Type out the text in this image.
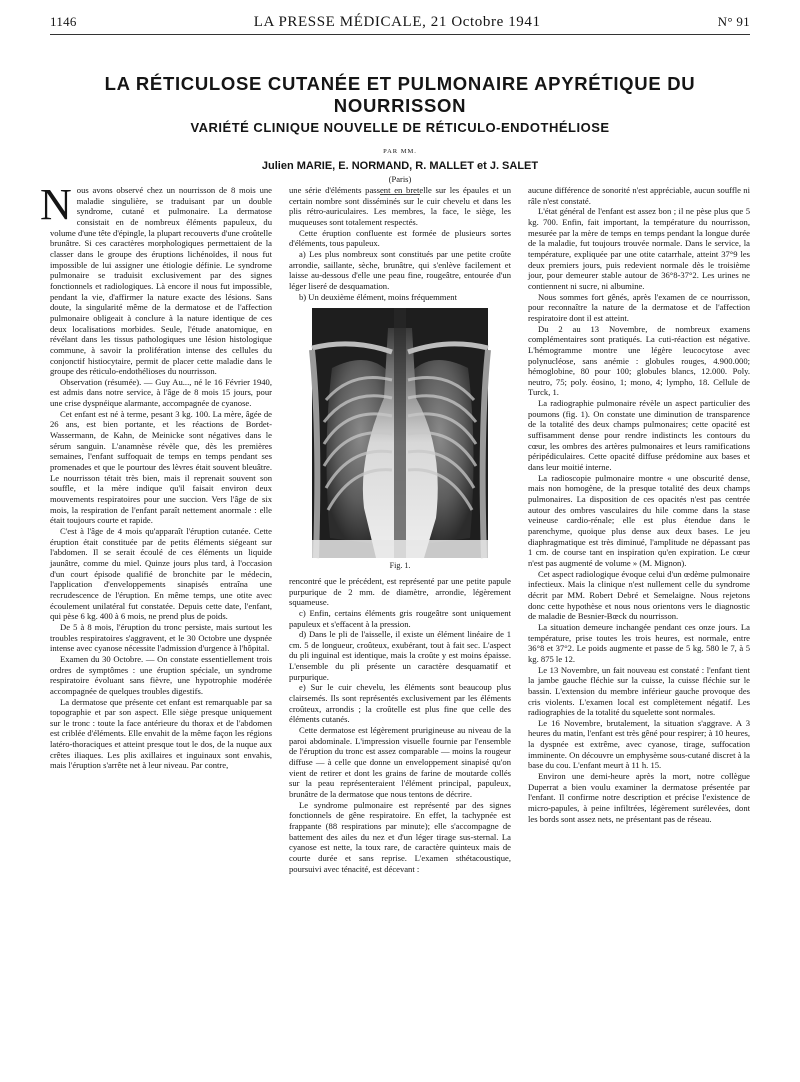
1146	LA PRESSE MÉDICALE, 21 Octobre 1941	N° 91
LA RÉTICULOSE CUTANÉE ET PULMONAIRE APYRÉTIQUE DU NOURRISSON
VARIÉTÉ CLINIQUE NOUVELLE DE RÉTICULO-ENDOTHÉLIOSE
PAR MM.
Julien MARIE, E. NORMAND, R. MALLET et J. SALET
(Paris)
N ous avons observé chez un nourrisson de 8 mois une maladie singulière, se traduisant par un double syndrome, cutané et pulmonaire. La dermatose consistait en de nombreux éléments papuleux, du volume d'une tête d'épingle, la plupart recouverts d'une croûtelle brunâtre. Si ces caractères morphologiques permettaient de la classer dans le groupe des éruptions lichénoïdes, il nous fut impossible de lui assigner une étiologie définie. Le syndrome pulmonaire se traduisit exclusivement par des signes fonctionnels et radiologiques. Là encore il nous fut impossible, pendant la vie, d'affirmer la nature exacte des lésions. Sans doute, la singularité même de la dermatose et de l'affection pulmonaire obligeait à conclure à la nature identique de ces deux localisations morbides. Seule, l'étude anatomique, en révélant dans les tissus pathologiques une lésion histologique commune, à savoir la prolifération intense des cellules du conjonctif histiocytaire, permit de placer cette maladie dans le groupe des réticulo-endothélioses du nourrisson.

Observation (résumée). — Guy Au..., né le 16 Février 1940, est admis dans notre service, à l'âge de 8 mois 15 jours, pour une crise dyspnéique alarmante, accompagnée de cyanose.

Cet enfant est né à terme, pesant 3 kg. 100. La mère, âgée de 26 ans, est bien portante, et les réactions de Bordet-Wassermann, de Kahn, de Meinicke sont négatives dans le sérum sanguin. L'anamnèse révèle que, dès les premières semaines, l'enfant suffoquait de temps en temps pendant ses promenades et que le pourtour des lèvres était souvent bleuâtre. Le nourrisson tétait très bien, mais il reprenait souvent son souffle, et la mère indique qu'il faisait environ deux mouvements respiratoires pour une succion. Vers l'âge de six mois, la respiration de l'enfant paraît nettement anormale : elle était toujours courte et rapide.

C'est à l'âge de 4 mois qu'apparaît l'éruption cutanée. Cette éruption était constituée par de petits éléments siégeant sur l'abdomen. Il se serait écoulé de ces éléments un liquide jaunâtre, comme du miel. Quinze jours plus tard, à l'occasion d'un court épisode qualifié de bronchite par le médecin, l'application d'enveloppements sinapisés entraîna une recrudescence de l'éruption. En même temps, une otite avec écoulement unilatéral fut constatée. Depuis cette date, l'enfant, qui pèse 6 kg. 400 à 6 mois, ne prend plus de poids.

De 5 à 8 mois, l'éruption du tronc persiste, mais surtout les troubles respiratoires s'aggravent, et le 30 Octobre une dyspnée intense avec cyanose nécessite l'admission d'urgence à l'hôpital.

Examen du 30 Octobre. — On constate essentiellement trois ordres de symptômes : une éruption spéciale, un syndrome respiratoire évoluant sans fièvre, une hypotrophie modérée accompagnée de quelques troubles digestifs.

La dermatose que présente cet enfant est remarquable par sa topographie et par son aspect. Elle siège presque uniquement sur le tronc : toute la face antérieure du thorax et de l'abdomen est criblée d'éléments. Elle envahit de la même façon les régions latéro-thoraciques et atteint presque tout le dos, de la nuque aux crêtes iliaques. Les plis axillaires et inguinaux sont envahis, mais l'éruption s'arrête net à leur niveau. Par contre,

une série d'éléments passent en bretelle sur les épaules et un certain nombre sont disséminés sur le cuir chevelu et dans les plis rétro-auriculaires. Les membres, la face, le siège, les muqueuses sont totalement respectés.

Cette éruption confluente est formée de plusieurs sortes d'éléments, tous papuleux.

a) Les plus nombreux sont constitués par une petite croûte arrondie, saillante, sèche, brunâtre, qui s'enlève facilement et laisse au-dessous d'elle une peau fine, rougeâtre, entourée d'un léger liseré de desquamation.

b) Un deuxième élément, moins fréquemment

Fig. 1.

rencontré que le précédent, est représenté par une petite papule purpurique de 2 mm. de diamètre, arrondie, légèrement squameuse.

c) Enfin, certains éléments gris rougeâtre sont uniquement papuleux et s'effacent à la pression.

d) Dans le pli de l'aisselle, il existe un élément linéaire de 1 cm. 5 de longueur, croûteux, exubérant, tout à fait sec. L'aspect du pli inguinal est identique, mais la croûte y est moins épaisse. L'ensemble du pli présente un caractère desquamatif et purpurique.

e) Sur le cuir chevelu, les éléments sont beaucoup plus clairsemés. Ils sont représentés exclusivement par les éléments croûteux, arrondis ; la croûtelle est plus fine que celle des éléments cutanés.

Cette dermatose est légèrement prurigineuse au niveau de la paroi abdominale. L'impression visuelle fournie par l'ensemble de l'éruption du tronc est assez comparable — moins la rougeur diffuse — à celle que donne un enveloppement sinapisé qu'on vient de retirer et dont les grains de farine de moutarde collés sur la peau représenteraient l'élément principal, papuleux, brunâtre de la dermatose que nous tentons de décrire.

Le syndrome pulmonaire est représenté par des signes fonctionnels de gêne respiratoire. En effet, la tachypnée est frappante (88 respirations par minute); elle s'accompagne de battement des ailes du nez et d'un léger tirage sus-sternal. La cyanose est nette, la toux rare, de caractère quinteux mais de courte durée et sans reprise. L'examen sthétacoustique, poursuivi avec ténacité, est décevant :

aucune différence de sonorité n'est appréciable, aucun souffle ni râle n'est constaté.

L'état général de l'enfant est assez bon ; il ne pèse plus que 5 kg. 700. Enfin, fait important, la température du nourrisson, mesurée par la mère de temps en temps pendant la longue durée de la maladie, fut toujours trouvée normale. Dans le service, la température, expliquée par une otite catarrhale, atteint 37°9 les deux premiers jours, puis redevient normale dès le troisième jour, pour demeurer stable autour de 36°8-37°2. Les urines ne contiennent ni sucre, ni albumine.

Nous sommes fort gênés, après l'examen de ce nourrisson, pour reconnaître la nature de la dermatose et de l'affection respiratoire dont il est atteint.

Du 2 au 13 Novembre, de nombreux examens complémentaires sont pratiqués. La cuti-réaction est négative. L'hémogramme montre une légère leucocytose avec polynucléose, sans anémie : globules rouges, 4.900.000; hémoglobine, 80 pour 100; globules blancs, 12.000. Poly. neutro, 75; poly. éosino, 1; mono, 4; lympho, 18. Cellule de Turck, 1.

La radiographie pulmonaire révèle un aspect particulier des poumons (fig. 1). On constate une diminution de transparence de la totalité des deux champs pulmonaires; cette opacité est suffisamment dense pour rendre indistincts les contours du cœur, les ombres des artères pulmonaires et leurs ramifications péripédiculaires. Cette opacité diffuse prédomine aux bases et dans leur moitié interne.

La radioscopie pulmonaire montre « une obscurité dense, mais non homogène, de la presque totalité des deux champs pulmonaires. La disposition de ces opacités n'est pas centrée autour des ombres vasculaires du hile comme dans la stase veineuse cardio-rénale; elle est plus étendue dans le parenchyme, quoique plus dense aux deux bases. Le jeu diaphragmatique est très diminué, l'amplitude ne dépassant pas 1 cm. de course tant en inspiration qu'en expiration. Le cœur n'est pas augmenté de volume » (M. Mignon).

Cet aspect radiologique évoque celui d'un œdème pulmonaire infectieux. Mais la clinique n'est nullement celle du syndrome décrit par MM. Robert Debré et Semelaigne. Nous rejetons donc cette hypothèse et nous nous orientons vers le diagnostic de maladie de Besnier-Bœck du nourrisson.

La situation demeure inchangée pendant ces onze jours. La température, prise toutes les trois heures, est normale, entre 36°8 et 37°2. Le poids augmente et passe de 5 kg. 580 le 7, à 5 kg. 875 le 12.

Le 13 Novembre, un fait nouveau est constaté : l'enfant tient la jambe gauche fléchie sur la cuisse, la cuisse fléchie sur le bassin. L'extension du membre inférieur gauche provoque des cris violents. L'examen local est complètement négatif. Les radiographies de la totalité du squelette sont normales.

Le 16 Novembre, brutalement, la situation s'aggrave. A 3 heures du matin, l'enfant est très gêné pour respirer; à 10 heures, la dyspnée est extrême, avec cyanose, tirage, suffocation imminente. On découvre un emphysème sous-cutané discret à la base du cou. L'enfant meurt à 11 h. 15.

Environ une demi-heure après la mort, notre collègue Duperrat a bien voulu examiner la dermatose présentée par l'enfant. Il confirme notre description et précise l'existence de micro-papules, à peine infiltrées, légèrement surélevées, dont les bords sont assez nets, ne présentant pas de réseau.
